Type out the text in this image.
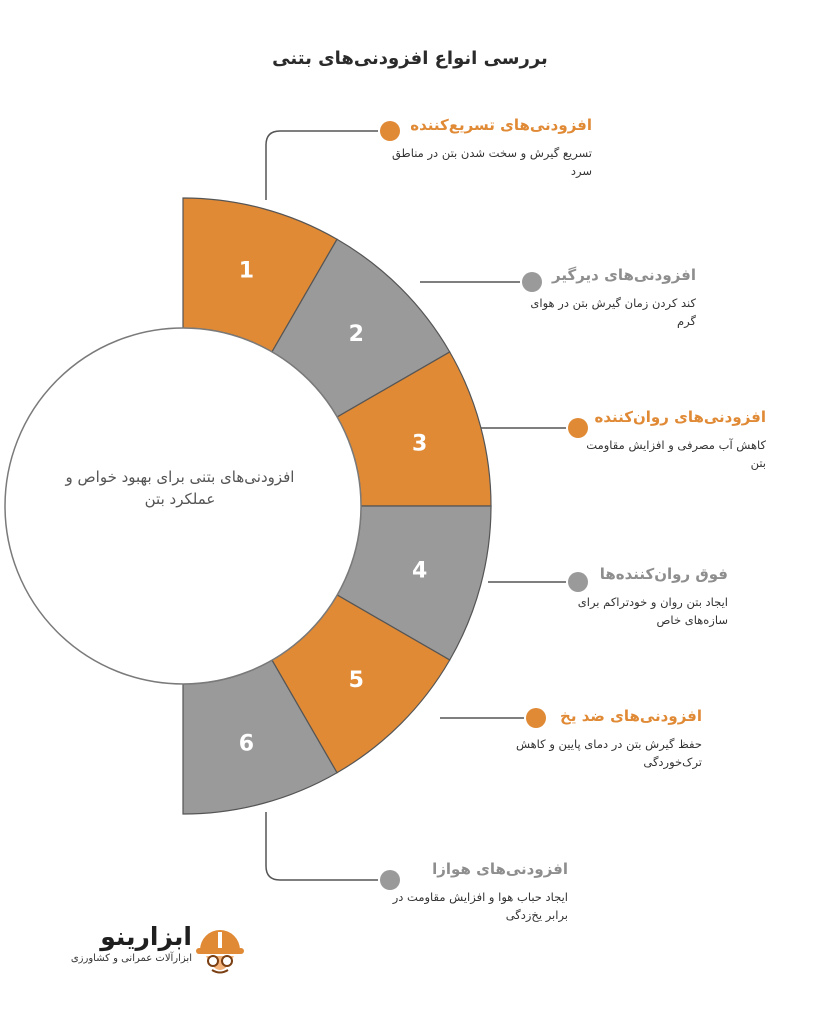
1
2
3
4
5
6
بررسی انواع افزودنی‌های بتنی
افزودنی‌های بتنی برای بهبود خواص و عملکرد بتن
افزودنی‌های تسریع‌کننده
تسریع گیرش و سخت شدن بتن در مناطق سرد
افزودنی‌های دیرگیر
کند کردن زمان گیرش بتن در هوای گرم
افزودنی‌های روان‌کننده
کاهش آب مصرفی و افزایش مقاومت بتن
فوق روان‌کننده‌ها
ایجاد بتن روان و خودتراکم برای سازه‌های خاص
افزودنی‌های ضد یخ
حفظ گیرش بتن در دمای پایین و کاهش ترک‌خوردگی
افزودنی‌های هوازا
ایجاد حباب هوا و افزایش مقاومت در برابر یخ‌زدگی
ابزارینو
ابزارآلات عمرانی و کشاورزی
